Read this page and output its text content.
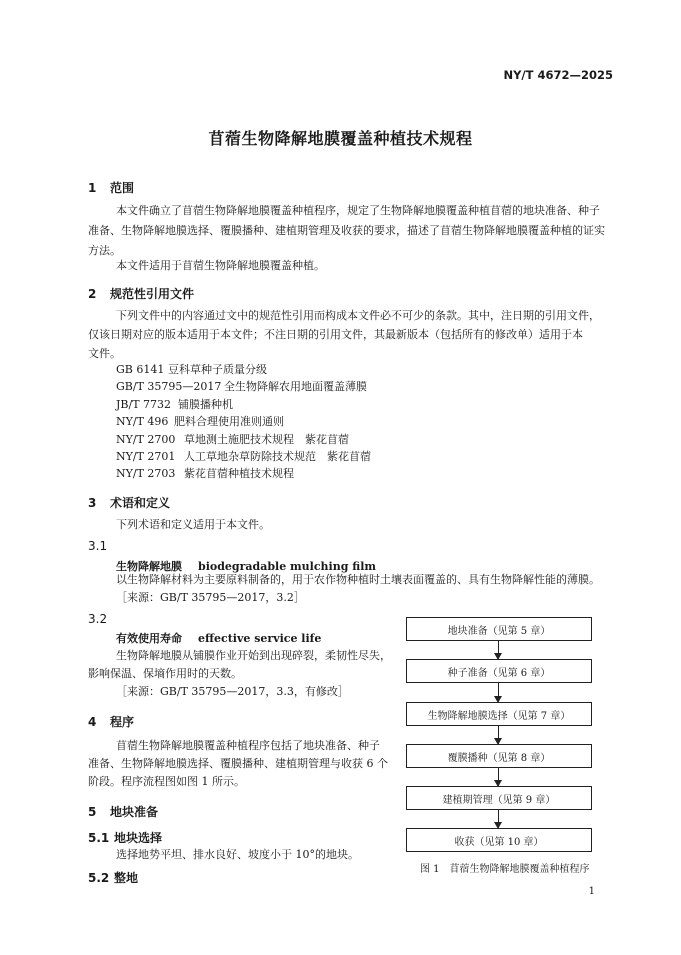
NY/T 4672—2025
苜蓿生物降解地膜覆盖种植技术规程
1 范围
本文件确立了苜蓿生物降解地膜覆盖种植程序，规定了生物降解地膜覆盖种植苜蓿的地块准备、种子
准备、生物降解地膜选择、覆膜播种、建植期管理及收获的要求，描述了苜蓿生物降解地膜覆盖种植的证实
方法。
本文件适用于苜蓿生物降解地膜覆盖种植。
2 规范性引用文件
下列文件中的内容通过文中的规范性引用而构成本文件必不可少的条款。其中，注日期的引用文件，
仅该日期对应的版本适用于本文件；不注日期的引用文件，其最新版本（包括所有的修改单）适用于本
文件。
GB 6141 豆科草种子质量分级
GB/T 35795—2017 全生物降解农用地面覆盖薄膜
JB/T 7732 铺膜播种机
NY/T 496 肥料合理使用准则通则
NY/T 2700 草地测土施肥技术规程　紫花苜蓿
NY/T 2701 人工草地杂草防除技术规范　紫花苜蓿
NY/T 2703 紫花苜蓿种植技术规程
3 术语和定义
下列术语和定义适用于本文件。
3.1
生物降解地膜 biodegradable mulching film
以生物降解材料为主要原料制备的，用于农作物种植时土壤表面覆盖的、具有生物降解性能的薄膜。
［来源：GB/T 35795—2017，3.2］
3.2
有效使用寿命 effective service life
生物降解地膜从铺膜作业开始到出现碎裂，柔韧性尽失，
影响保温、保墒作用时的天数。
［来源：GB/T 35795—2017，3.3，有修改］
4 程序
苜蓿生物降解地膜覆盖种植程序包括了地块准备、种子
准备、生物降解地膜选择、覆膜播种、建植期管理与收获 6 个
阶段。程序流程图如图 1 所示。
5 地块准备
5.1 地块选择
选择地势平坦、排水良好、坡度小于 10°的地块。
5.2 整地
地块准备（见第 5 章）
种子准备（见第 6 章）
生物降解地膜选择（见第 7 章）
覆膜播种（见第 8 章）
建植期管理（见第 9 章）
收获（见第 10 章）
图 1　苜蓿生物降解地膜覆盖种植程序
1
